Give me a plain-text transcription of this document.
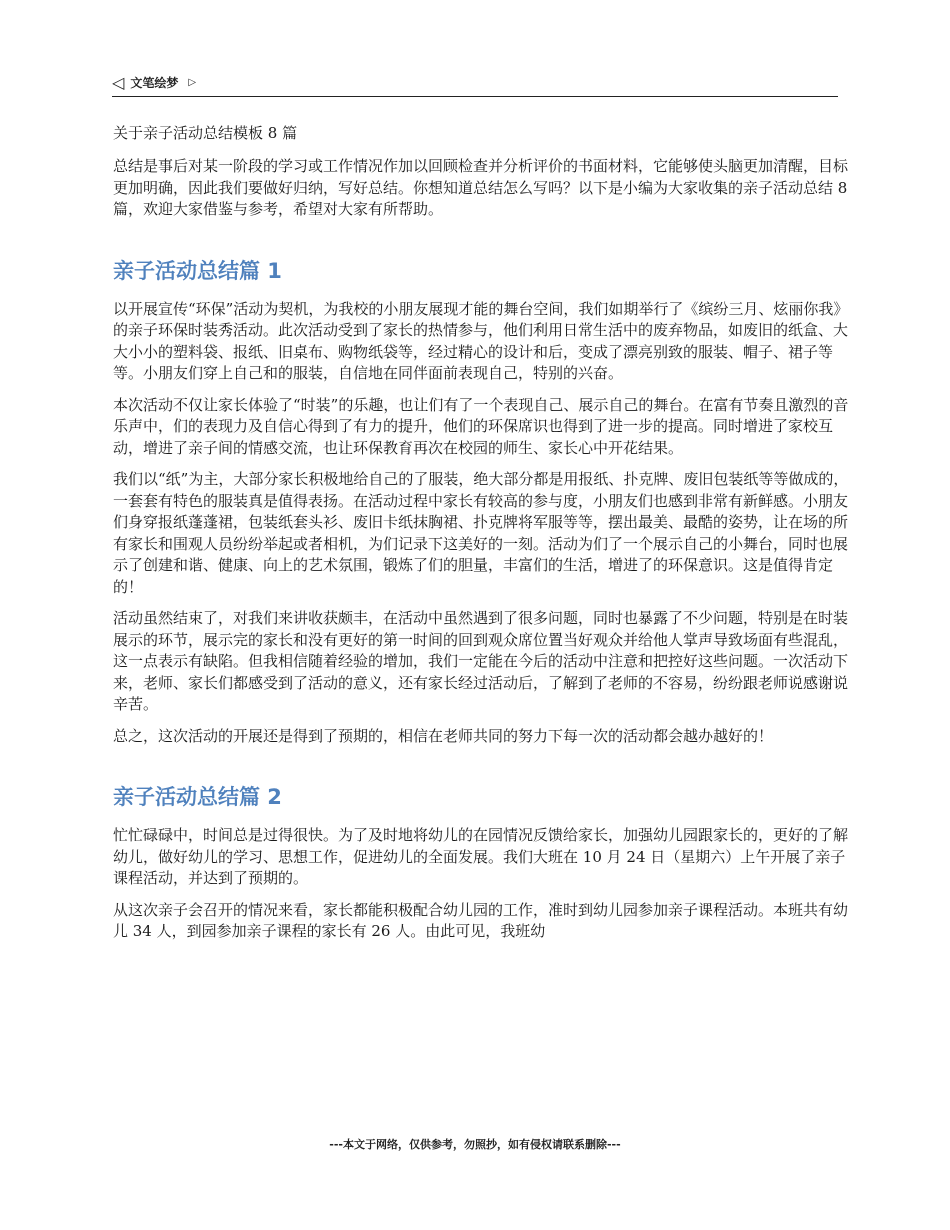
◁ 文笔绘梦 ▷
关于亲子活动总结模板 8 篇

总结是事后对某一阶段的学习或工作情况作加以回顾检查并分析评价的书面材料，它能够使头脑更加清醒，目标更加明确，因此我们要做好归纳，写好总结。你想知道总结怎么写吗？以下是小编为大家收集的亲子活动总结 8 篇，欢迎大家借鉴与参考，希望对大家有所帮助。

亲子活动总结篇 1

以开展宣传“环保”活动为契机，为我校的小朋友展现才能的舞台空间，我们如期举行了《缤纷三月、炫丽你我》的亲子环保时装秀活动。此次活动受到了家长的热情参与，他们利用日常生活中的废弃物品，如废旧的纸盒、大大小小的塑料袋、报纸、旧桌布、购物纸袋等，经过精心的设计和后，变成了漂亮别致的服装、帽子、裙子等等。小朋友们穿上自己和的服装，自信地在同伴面前表现自己，特别的兴奋。

本次活动不仅让家长体验了“时装”的乐趣，也让们有了一个表现自己、展示自己的舞台。在富有节奏且激烈的音乐声中，们的表现力及自信心得到了有力的提升，他们的环保席识也得到了进一步的提高。同时增进了家校互动，增进了亲子间的情感交流，也让环保教育再次在校园的师生、家长心中开花结果。

我们以“纸”为主，大部分家长积极地给自己的了服装，绝大部分都是用报纸、扑克牌、废旧包装纸等等做成的，一套套有特色的服装真是值得表扬。在活动过程中家长有较高的参与度，小朋友们也感到非常有新鲜感。小朋友们身穿报纸蓬蓬裙，包装纸套头衫、废旧卡纸抹胸裙、扑克牌将军服等等，摆出最美、最酷的姿势，让在场的所有家长和围观人员纷纷举起或者相机，为们记录下这美好的一刻。活动为们了一个展示自己的小舞台，同时也展示了创建和谐、健康、向上的艺术氛围，锻炼了们的胆量，丰富们的生活，增进了的环保意识。这是值得肯定的！

活动虽然结束了，对我们来讲收获颇丰，在活动中虽然遇到了很多问题，同时也暴露了不少问题，特别是在时装展示的环节，展示完的家长和没有更好的第一时间的回到观众席位置当好观众并给他人掌声导致场面有些混乱，这一点表示有缺陷。但我相信随着经验的增加，我们一定能在今后的活动中注意和把控好这些问题。一次活动下来，老师、家长们都感受到了活动的意义，还有家长经过活动后，了解到了老师的不容易，纷纷跟老师说感谢说辛苦。

总之，这次活动的开展还是得到了预期的，相信在老师共同的努力下每一次的活动都会越办越好的！

亲子活动总结篇 2

忙忙碌碌中，时间总是过得很快。为了及时地将幼儿的在园情况反馈给家长，加强幼儿园跟家长的，更好的了解幼儿，做好幼儿的学习、思想工作，促进幼儿的全面发展。我们大班在 10 月 24 日（星期六）上午开展了亲子课程活动，并达到了预期的。

从这次亲子会召开的情况来看，家长都能积极配合幼儿园的工作，准时到幼儿园参加亲子课程活动。本班共有幼儿 34 人，到园参加亲子课程的家长有 26 人。由此可见，我班幼

---本文于网络，仅供参考，勿照抄，如有侵权请联系删除---
